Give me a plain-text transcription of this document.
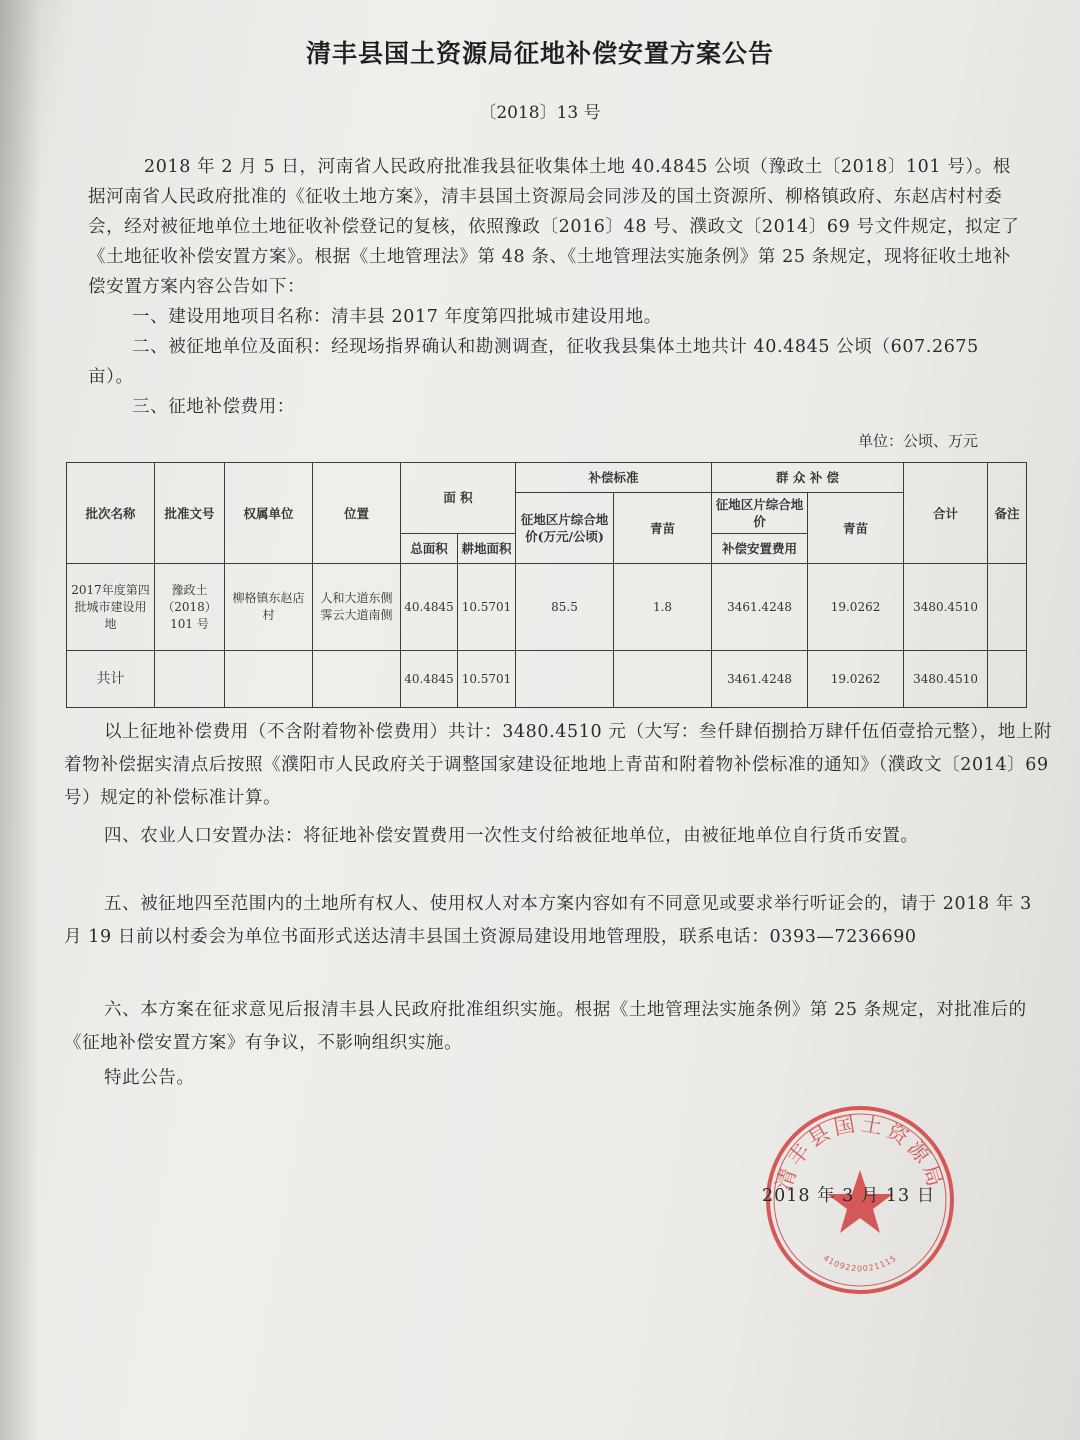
清丰县国土资源局征地补偿安置方案公告
〔2018〕13 号

2018 年 2 月 5 日，河南省人民政府批准我县征收集体土地 40.4845 公顷（豫政土〔2018〕101 号）。根据河南省人民政府批准的《征收土地方案》，清丰县国土资源局会同涉及的国土资源所、柳格镇政府、东赵店村村委会，经对被征地单位土地征收补偿登记的复核，依照豫政〔2016〕48 号、濮政文〔2014〕69 号文件规定，拟定了《土地征收补偿安置方案》。根据《土地管理法》第 48 条、《土地管理法实施条例》第 25 条规定，现将征收土地补偿安置方案内容公告如下：

一、建设用地项目名称：清丰县 2017 年度第四批城市建设用地。

二、被征地单位及面积：经现场指界确认和勘测调查，征收我县集体土地共计 40.4845 公顷（607.2675 亩）。

三、征地补偿费用：

单位：公顷、万元
批次名称	批准文号	权属单位	位置	面 积		补偿标准		群 众 补 偿		合计	备注
						征地区片综合地价(万元/公顷)	青苗	征地区片综合地价	青苗		
				总面积	耕地面积			补偿安置费用			
2017年度第四批城市建设用地	豫政土（2018）101 号	柳格镇东赵店村	人和大道东侧霁云大道南侧	40.4845	10.5701	85.5	1.8	3461.4248	19.0262	3480.4510	
共计				40.4845	10.5701			3461.4248	19.0262	3480.4510	

以上征地补偿费用（不含附着物补偿费用）共计：3480.4510 元（大写：叁仟肆佰捌拾万肆仟伍佰壹拾元整），地上附着物补偿据实清点后按照《濮阳市人民政府关于调整国家建设征地地上青苗和附着物补偿标准的通知》（濮政文〔2014〕69 号）规定的补偿标准计算。

四、农业人口安置办法：将征地补偿安置费用一次性支付给被征地单位，由被征地单位自行货币安置。

五、被征地四至范围内的土地所有权人、使用权人对本方案内容如有不同意见或要求举行听证会的，请于 2018 年 3 月 19 日前以村委会为单位书面形式送达清丰县国土资源局建设用地管理股，联系电话：0393—7236690

六、本方案在征求意见后报清丰县人民政府批准组织实施。根据《土地管理法实施条例》第 25 条规定，对批准后的《征地补偿安置方案》有争议，不影响组织实施。

特此公告。

清丰县国土资源局
4109220021115
2018 年 3 月 13 日
